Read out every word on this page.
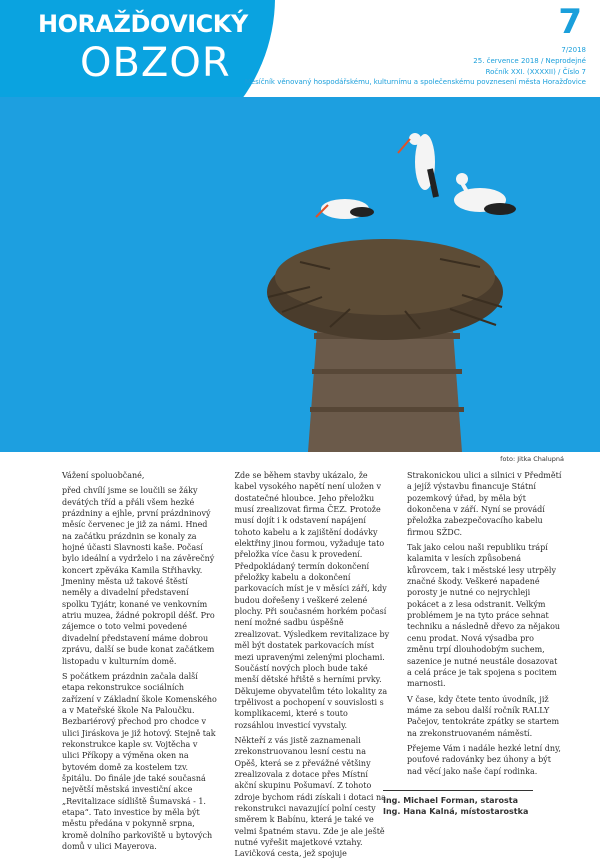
HORAŽĎOVICKÝ
OBZOR
7
7/2018
25. července 2018 / Neprodejné
Ročník XXI. (XXXXII) / Číslo 7
Měsíčník věnovaný hospodářskému, kulturnímu a společenskému povznesení města Horažďovice
foto: Jitka Chalupná

Vážení spoluobčané,

před chvílí jsme se loučili se žáky devátých tříd a přáli všem hezké prázdniny a ejhle, první prázdninový měsíc červenec je již za námi. Hned na začátku prázdnin se konaly za hojné účasti Slavnosti kaše. Počasí bylo ideální a vydrželo i na závěrečný koncert zpěváka Kamila Střihavky. Jmeniny města už takové štěstí neměly a divadelní představení spolku Tyjátr, konané ve venkovním atriu muzea, žádné pokropil déšť. Pro zájemce o toto velmi povedené divadelní představení máme dobrou zprávu, další se bude konat začátkem listopadu v kulturním domě.

S počátkem prázdnin začala další etapa rekonstrukce sociálních zařízení v Základní škole Komenského a v Mateřské škole Na Paloučku. Bezbariérový přechod pro chodce v ulici Jiráskova je již hotový. Stejně tak rekonstrukce kaple sv. Vojtěcha v ulici Příkopy a výměna oken na bytovém domě za kostelem tzv. špitálu. Do finále jde také současná největší městská investiční akce „Revitalizace sídliště Šumavská - 1. etapa“. Tato investice by měla být městu předána v pokynně srpna, kromě dolního parkoviště u bytových domů v ulici Mayerova.

Zde se během stavby ukázalo, že kabel vysokého napětí není uložen v dostatečné hloubce. Jeho přeložku musí zrealizovat firma ČEZ. Protože musí dojít i k odstavení napájení tohoto kabelu a k zajištění dodávky elektřiny jinou formou, vyžaduje tato přeložka více času k provedení. Předpokládaný termín dokončení přeložky kabelu a dokončení parkovacích míst je v měsíci září, kdy budou dořešeny i veškeré zelené plochy. Při současném horkém počasí není možné sadbu úspěšně zrealizovat. Výsledkem revitalizace by měl být dostatek parkovacích míst mezi upravenými zelenými plochami. Součástí nových ploch bude také menší dětské hřiště s herními prvky. Děkujeme obyvatelům této lokality za trpělivost a pochopení v souvislosti s komplikacemi, které s touto rozsáhlou investicí vyvstaly.

Někteří z vás jistě zaznamenali zrekonstruovanou lesní cestu na Opěš, která se z převážné většiny zrealizovala z dotace přes Místní akční skupinu Pošumaví. Z tohoto zdroje bychom rádi získali i dotaci na rekonstrukci navazující polní cesty směrem k Babínu, která je také ve velmi špatném stavu. Zde je ale ještě nutné vyřešit majetkové vztahy. Lavičková cesta, jež spojuje

Strakonickou ulici a silnici v Předmětí a jejíž výstavbu financuje Státní pozemkový úřad, by měla být dokončena v září. Nyní se provádí přeložka zabezpečovacího kabelu firmou SŽDC.

Tak jako celou naši republiku trápí kalamita v lesích způsobená kůrovcem, tak i městské lesy utrpěly značné škody. Veškeré napadené porosty je nutné co nejrychleji pokácet a z lesa odstranit. Velkým problémem je na tyto práce sehnat techniku a následně dřevo za nějakou cenu prodat. Nová výsadba pro změnu trpí dlouhodobým suchem, sazenice je nutné neustále dosazovat a celá práce je tak spojena s pocitem marnosti.

V čase, kdy čtete tento úvodník, již máme za sebou další ročník RALLY Pačejov, tentokráte zpátky se startem na zrekonstruovaném náměstí.

Přejeme Vám i nadále hezké letní dny, pouťové radovánky bez úhony a být nad věcí jako naše čapí rodinka.

Ing. Michael Forman, starosta
Ing. Hana Kalná, místostarostka
